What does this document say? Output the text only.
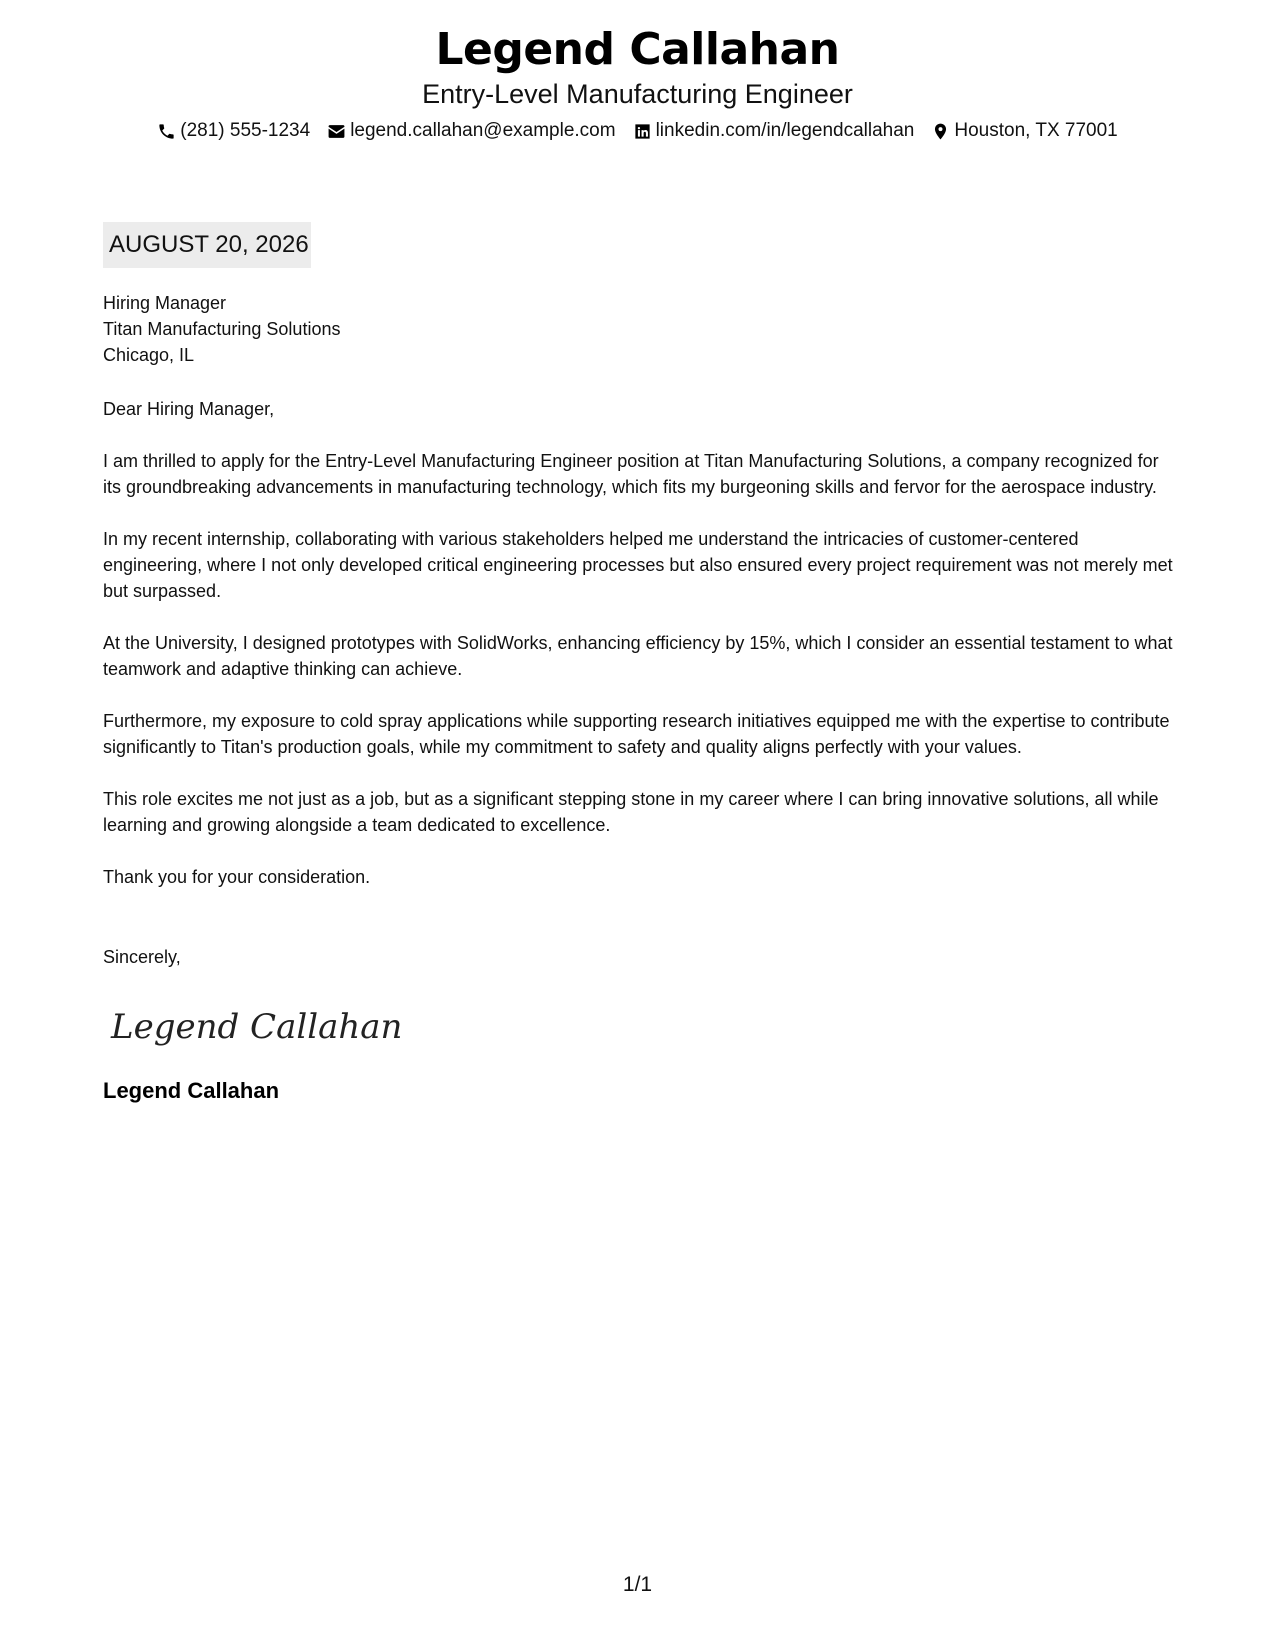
Legend Callahan
Entry-Level Manufacturing Engineer
(281) 555-1234 legend.callahan@example.com linkedin.com/in/legendcallahan Houston, TX 77001
AUGUST 20, 2026
Hiring Manager
Titan Manufacturing Solutions
Chicago, IL
Dear Hiring Manager,
I am thrilled to apply for the Entry-Level Manufacturing Engineer position at Titan Manufacturing Solutions, a company recognized for its groundbreaking advancements in manufacturing technology, which fits my burgeoning skills and fervor for the aerospace industry.
In my recent internship, collaborating with various stakeholders helped me understand the intricacies of customer-centered engineering, where I not only developed critical engineering processes but also ensured every project requirement was not merely met but surpassed.
At the University, I designed prototypes with SolidWorks, enhancing efficiency by 15%, which I consider an essential testament to what teamwork and adaptive thinking can achieve.
Furthermore, my exposure to cold spray applications while supporting research initiatives equipped me with the expertise to contribute significantly to Titan's production goals, while my commitment to safety and quality aligns perfectly with your values.
This role excites me not just as a job, but as a significant stepping stone in my career where I can bring innovative solutions, all while learning and growing alongside a team dedicated to excellence.
Thank you for your consideration.
Sincerely,
Legend Callahan
Legend Callahan
1/1
